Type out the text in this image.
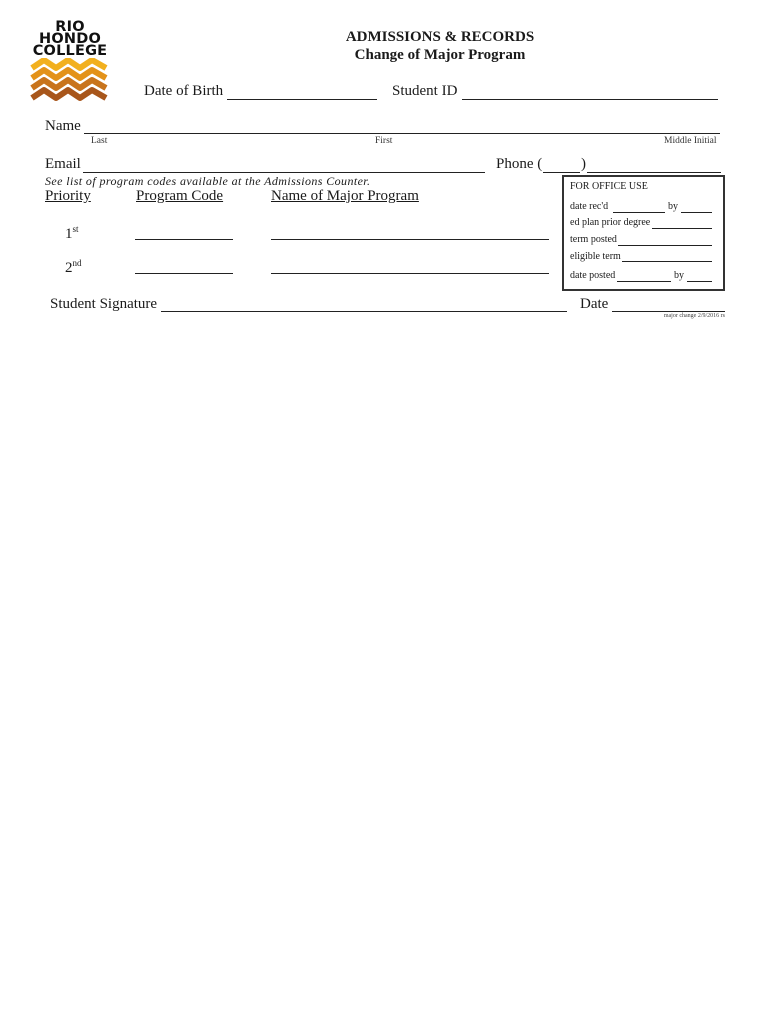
RIO
HONDO
COLLEGE
ADMISSIONS & RECORDS
Change of Major Program
Date of Birth	Student ID
Name
Last	First	Middle Initial
Email	Phone (	)
See list of program codes available at the Admissions Counter.
Priority	Program Code	Name of Major Program
1st
2nd
FOR OFFICE USE
date rec'd	by
ed plan prior degree
term posted
eligible term
date posted	by
Student Signature	Date
major change 2/9/2016 rs
